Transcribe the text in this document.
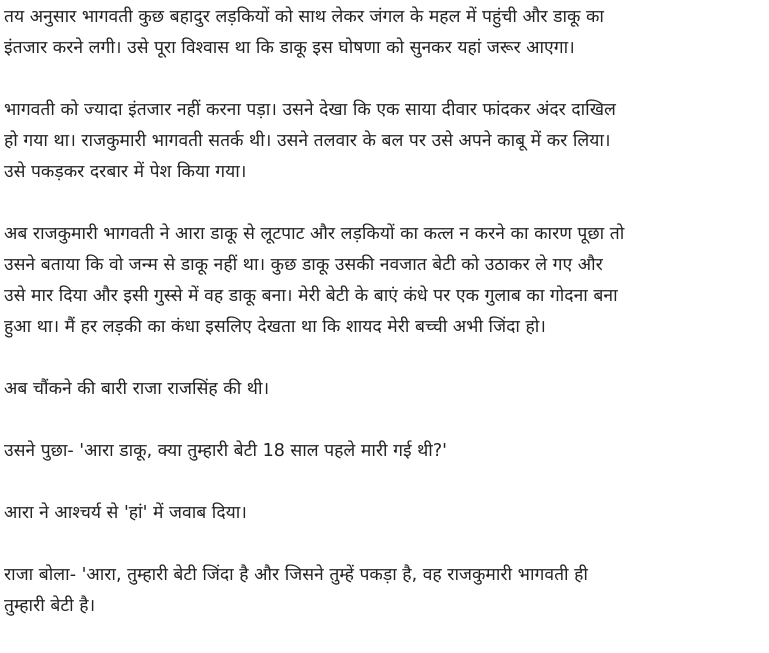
तय अनुसार भागवती कुछ बहादुर लड़कियों को साथ लेकर जंगल के महल में पहुंची और डाकू का
इंतजार करने लगी। उसे पूरा विश्वास था कि डाकू इस घोषणा को सुनकर यहां जरूर आएगा।

भागवती को ज्यादा इंतजार नहीं करना पड़ा। उसने देखा कि एक साया दीवार फांदकर अंदर दाखिल
हो गया था। राजकुमारी भागवती सतर्क थी। उसने तलवार के बल पर उसे अपने काबू में कर लिया।
उसे पकड़कर दरबार में पेश किया गया।

अब राजकुमारी भागवती ने आरा डाकू से लूटपाट और लड़कियों का कत्ल न करने का कारण पूछा तो
उसने बताया कि वो जन्म से डाकू नहीं था। कुछ डाकू उसकी नवजात बेटी को उठाकर ले गए और
उसे मार दिया और इसी गुस्से में वह डाकू बना। मेरी बेटी के बाएं कंधे पर एक गुलाब का गोदना बना
हुआ था। मैं हर लड़की का कंधा इसलिए देखता था कि शायद मेरी बच्ची अभी जिंदा हो।

अब चौंकने की बारी राजा राजसिंह की थी।

उसने पुछा- 'आरा डाकू, क्या तुम्हारी बेटी 18 साल पहले मारी गई थी?'

आरा ने आश्चर्य से 'हां' में जवाब दिया।

राजा बोला- 'आरा, तुम्हारी बेटी जिंदा है और जिसने तुम्हें पकड़ा है, वह राजकुमारी भागवती ही
तुम्हारी बेटी है।
